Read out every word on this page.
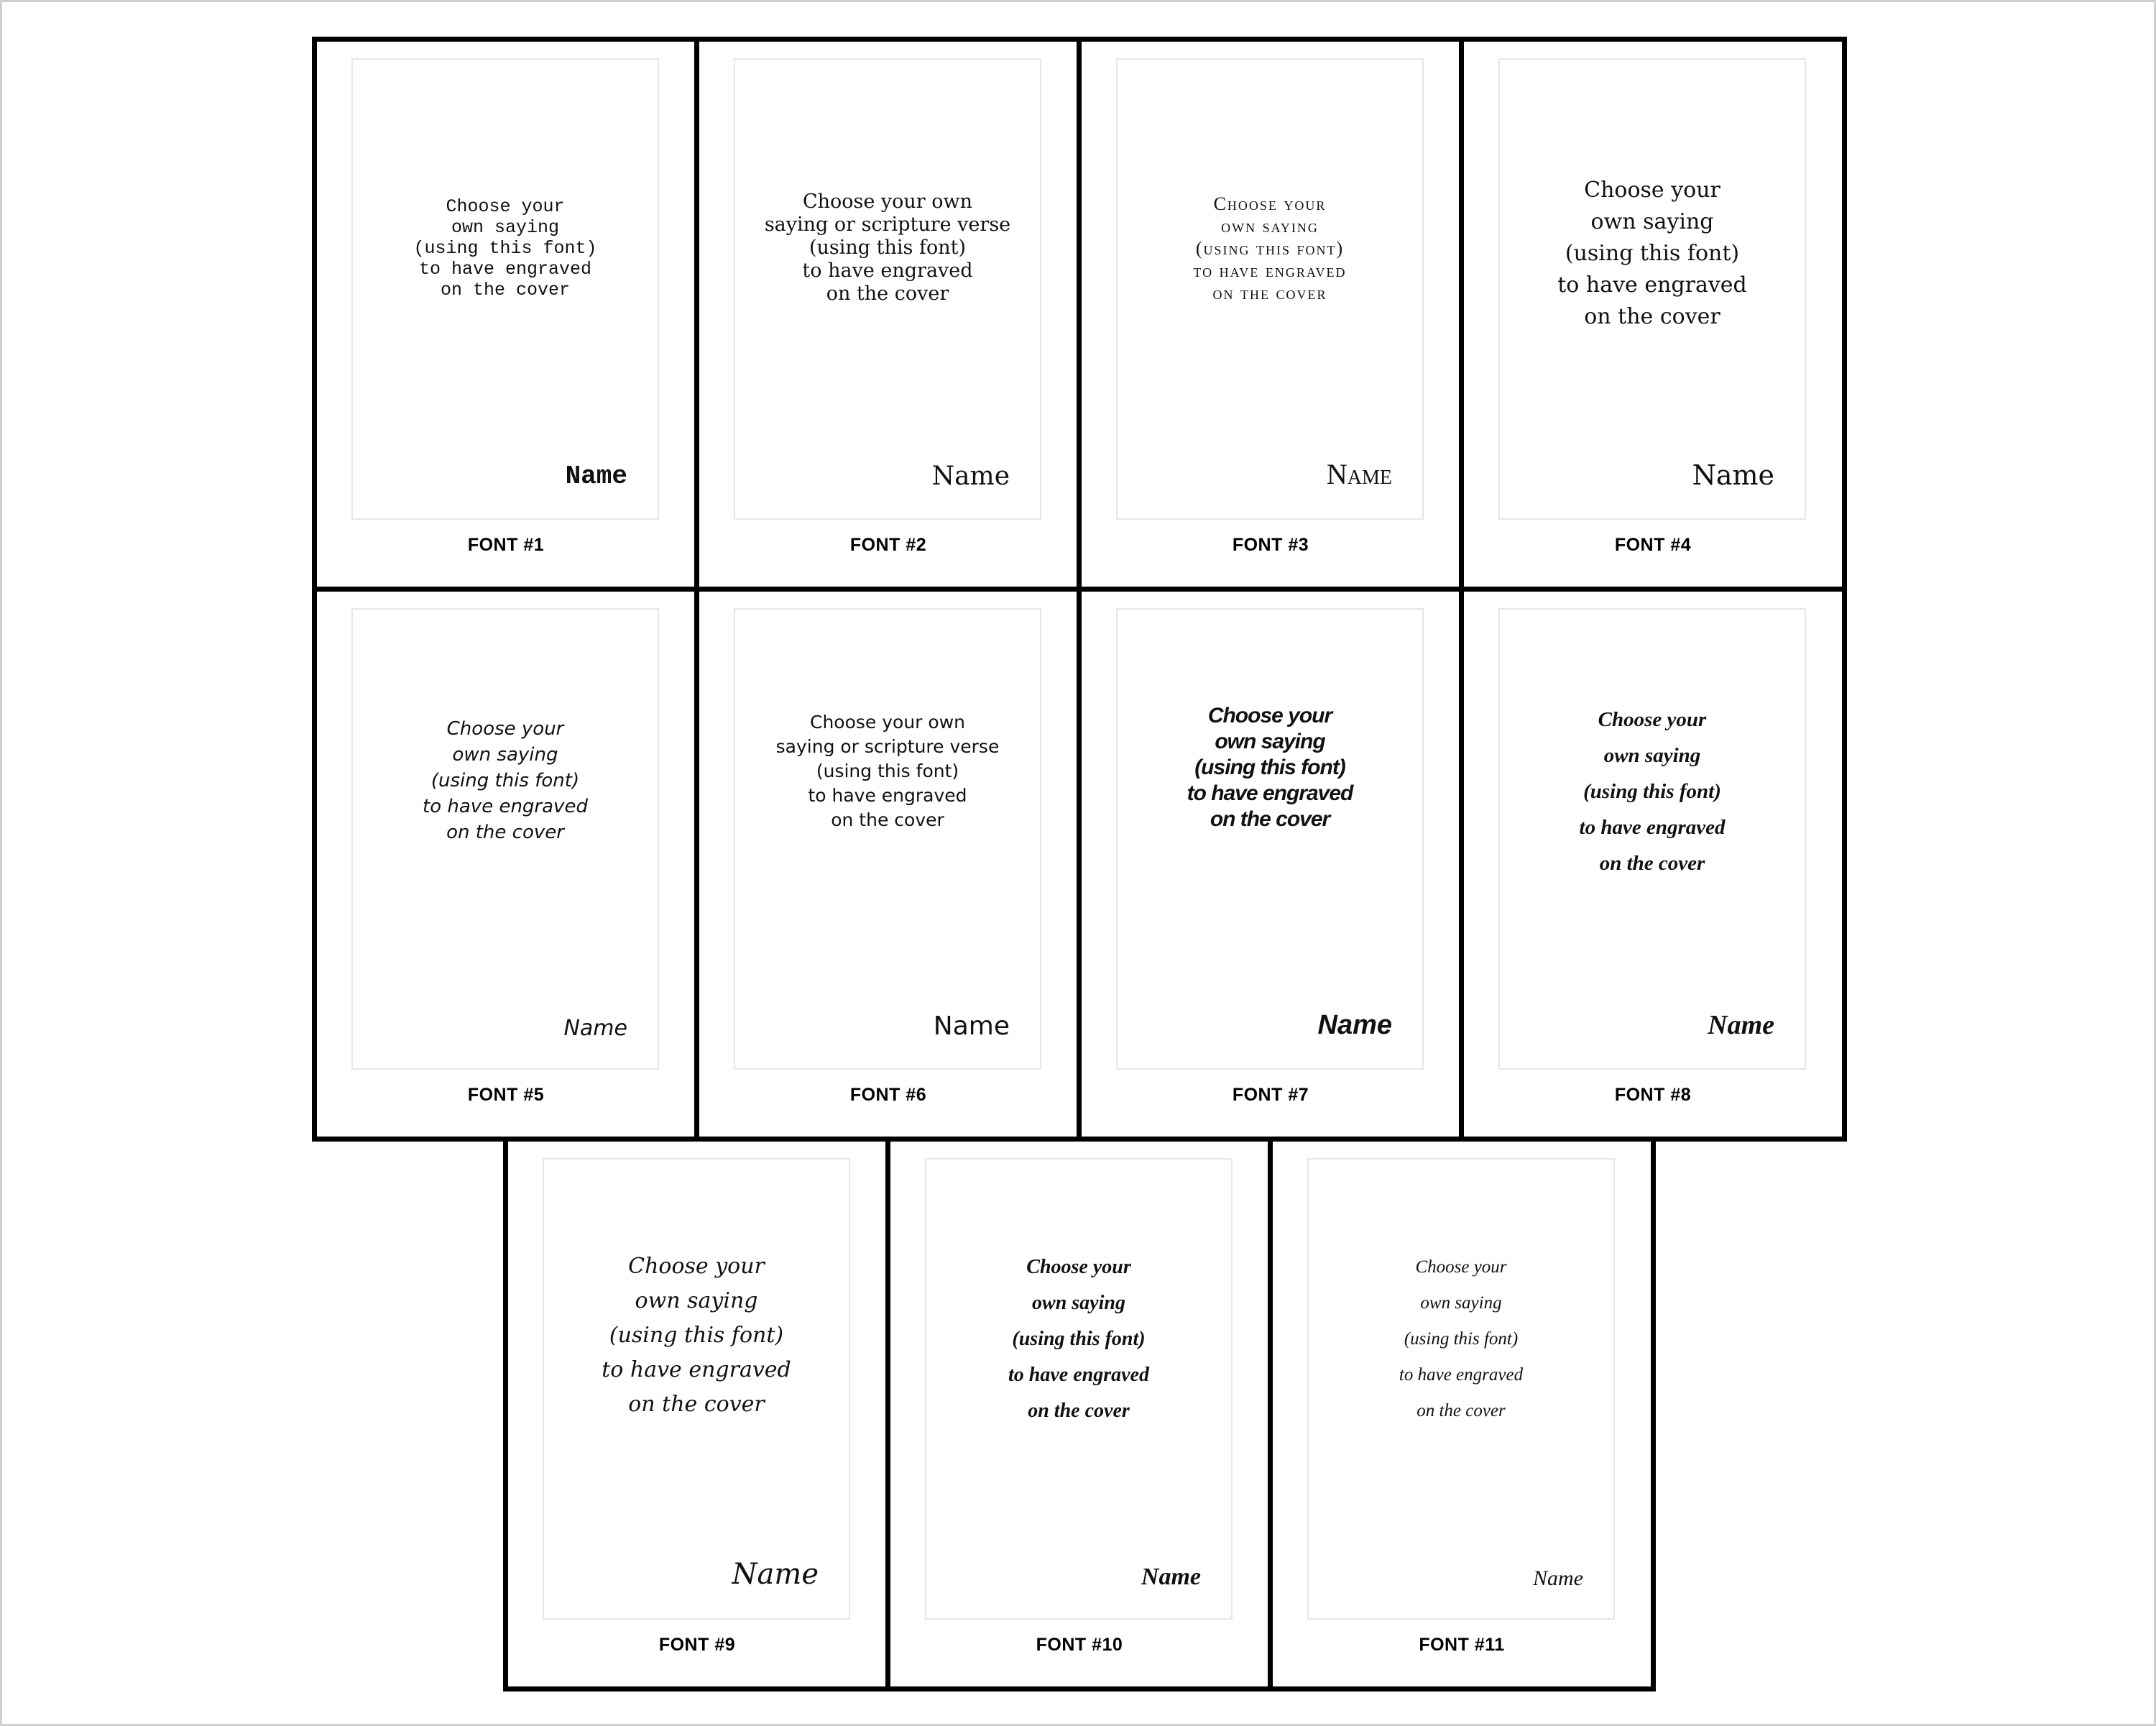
Choose your
own saying
(using this font)
to have engraved
on the cover
Name
FONT #1
Choose your own
saying or scripture verse
(using this font)
to have engraved
on the cover
Name
FONT #2
Choose your
own saying
(using this font)
to have engraved
on the cover
Name
FONT #3
Choose your
own saying
(using this font)
to have engraved
on the cover
Name
FONT #4
Choose your
own saying
(using this font)
to have engraved
on the cover
Name
FONT #5
Choose your own
saying or scripture verse
(using this font)
to have engraved
on the cover
Name
FONT #6
Choose your
own saying
(using this font)
to have engraved
on the cover
Name
FONT #7
Choose your
own saying
(using this font)
to have engraved
on the cover
Name
FONT #8
Choose your
own saying
(using this font)
to have engraved
on the cover
Name
FONT #9
Choose your
own saying
(using this font)
to have engraved
on the cover
Name
FONT #10
Choose your
own saying
(using this font)
to have engraved
on the cover
Name
FONT #11
